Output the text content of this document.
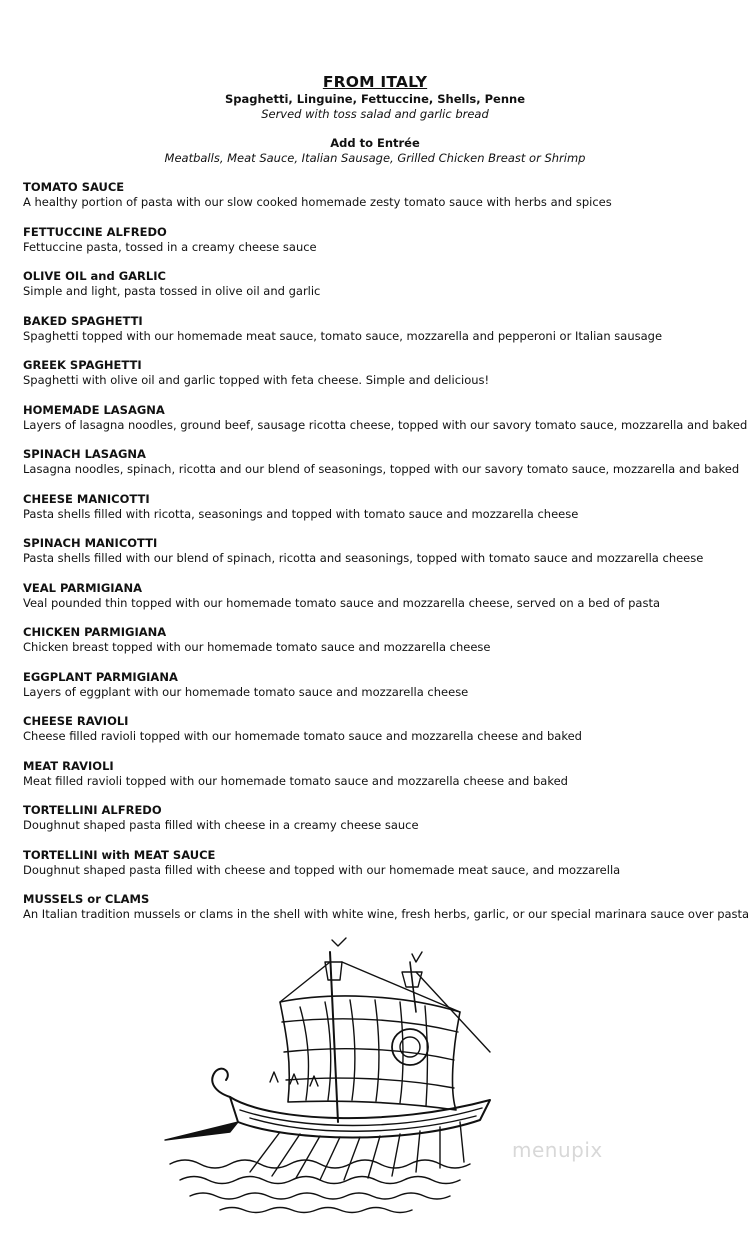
FROM ITALY
Spaghetti, Linguine, Fettuccine, Shells, Penne
Served with toss salad and garlic bread
Add to Entrée
Meatballs, Meat Sauce, Italian Sausage, Grilled Chicken Breast or Shrimp
TOMATO SAUCE
A healthy portion of pasta with our slow cooked homemade zesty tomato sauce with herbs and spices
FETTUCCINE ALFREDO
Fettuccine pasta, tossed in a creamy cheese sauce
OLIVE OIL and GARLIC
Simple and light, pasta tossed in olive oil and garlic
BAKED SPAGHETTI
Spaghetti topped with our homemade meat sauce, tomato sauce, mozzarella and pepperoni or Italian sausage
GREEK SPAGHETTI
Spaghetti with olive oil and garlic topped with feta cheese. Simple and delicious!
HOMEMADE LASAGNA
Layers of lasagna noodles, ground beef, sausage ricotta cheese, topped with our savory tomato sauce, mozzarella and baked
SPINACH LASAGNA
Lasagna noodles, spinach, ricotta and our blend of seasonings, topped with our savory tomato sauce, mozzarella and baked
CHEESE MANICOTTI
Pasta shells filled with ricotta, seasonings and topped with tomato sauce and mozzarella cheese
SPINACH MANICOTTI
Pasta shells filled with our blend of spinach, ricotta and seasonings, topped with tomato sauce and mozzarella cheese
VEAL PARMIGIANA
Veal pounded thin topped with our homemade tomato sauce and mozzarella cheese, served on a bed of pasta
CHICKEN PARMIGIANA
Chicken breast topped with our homemade tomato sauce and mozzarella cheese
EGGPLANT PARMIGIANA
Layers of eggplant with our homemade tomato sauce and mozzarella cheese
CHEESE RAVIOLI
Cheese filled ravioli topped with our homemade tomato sauce and mozzarella cheese and baked
MEAT RAVIOLI
Meat filled ravioli topped with our homemade tomato sauce and mozzarella cheese and baked
TORTELLINI ALFREDO
Doughnut shaped pasta filled with cheese in a creamy cheese sauce
TORTELLINI with MEAT SAUCE
Doughnut shaped pasta filled with cheese and topped with our homemade meat sauce, and mozzarella
MUSSELS or CLAMS
An Italian tradition mussels or clams in the shell with white wine, fresh herbs, garlic, or our special marinara sauce over pasta
menupix
